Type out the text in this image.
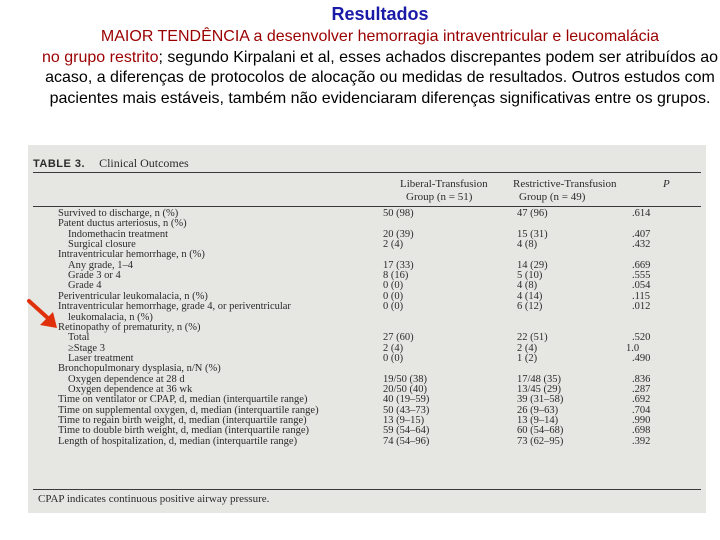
Resultados
MAIOR TENDÊNCIA a desenvolver hemorragia intraventricular e leucomalácia
no grupo restrito; segundo Kirpalani et al, esses achados discrepantes podem ser atribuídos ao acaso, a diferenças de protocolos de alocação ou medidas de resultados. Outros estudos com pacientes mais estáveis, também não evidenciaram diferenças significativas entre os grupos.
TABLE 3. Clinical Outcomes
Liberal-Transfusion
Group (n = 51)
Restrictive-Transfusion
Group (n = 49)
P
Survived to discharge, n (%)	50 (98)	47 (96)	.614
Patent ductus arteriosus, n (%)
Indomethacin treatment	20 (39)	15 (31)	.407
Surgical closure	2 (4)	4 (8)	.432
Intraventricular hemorrhage, n (%)
Any grade, 1–4	17 (33)	14 (29)	.669
Grade 3 or 4	8 (16)	5 (10)	.555
Grade 4	0 (0)	4 (8)	.054
Periventricular leukomalacia, n (%)	0 (0)	4 (14)	.115
Intraventricular hemorrhage, grade 4, or periventricular	0 (0)	6 (12)	.012
leukomalacia, n (%)
Retinopathy of prematurity, n (%)
Total	27 (60)	22 (51)	.520
≥Stage 3	2 (4)	2 (4)	1.0
Laser treatment	0 (0)	1 (2)	.490
Bronchopulmonary dysplasia, n/N (%)
Oxygen dependence at 28 d	19/50 (38)	17/48 (35)	.836
Oxygen dependence at 36 wk	20/50 (40)	13/45 (29)	.287
Time on ventilator or CPAP, d, median (interquartile range)	40 (19–59)	39 (31–58)	.692
Time on supplemental oxygen, d, median (interquartile range)	50 (43–73)	26 (9–63)	.704
Time to regain birth weight, d, median (interquartile range)	13 (9–15)	13 (9–14)	.990
Time to double birth weight, d, median (interquartile range)	59 (54–64)	60 (54–68)	.698
Length of hospitalization, d, median (interquartile range)	74 (54–96)	73 (62–95)	.392
CPAP indicates continuous positive airway pressure.
